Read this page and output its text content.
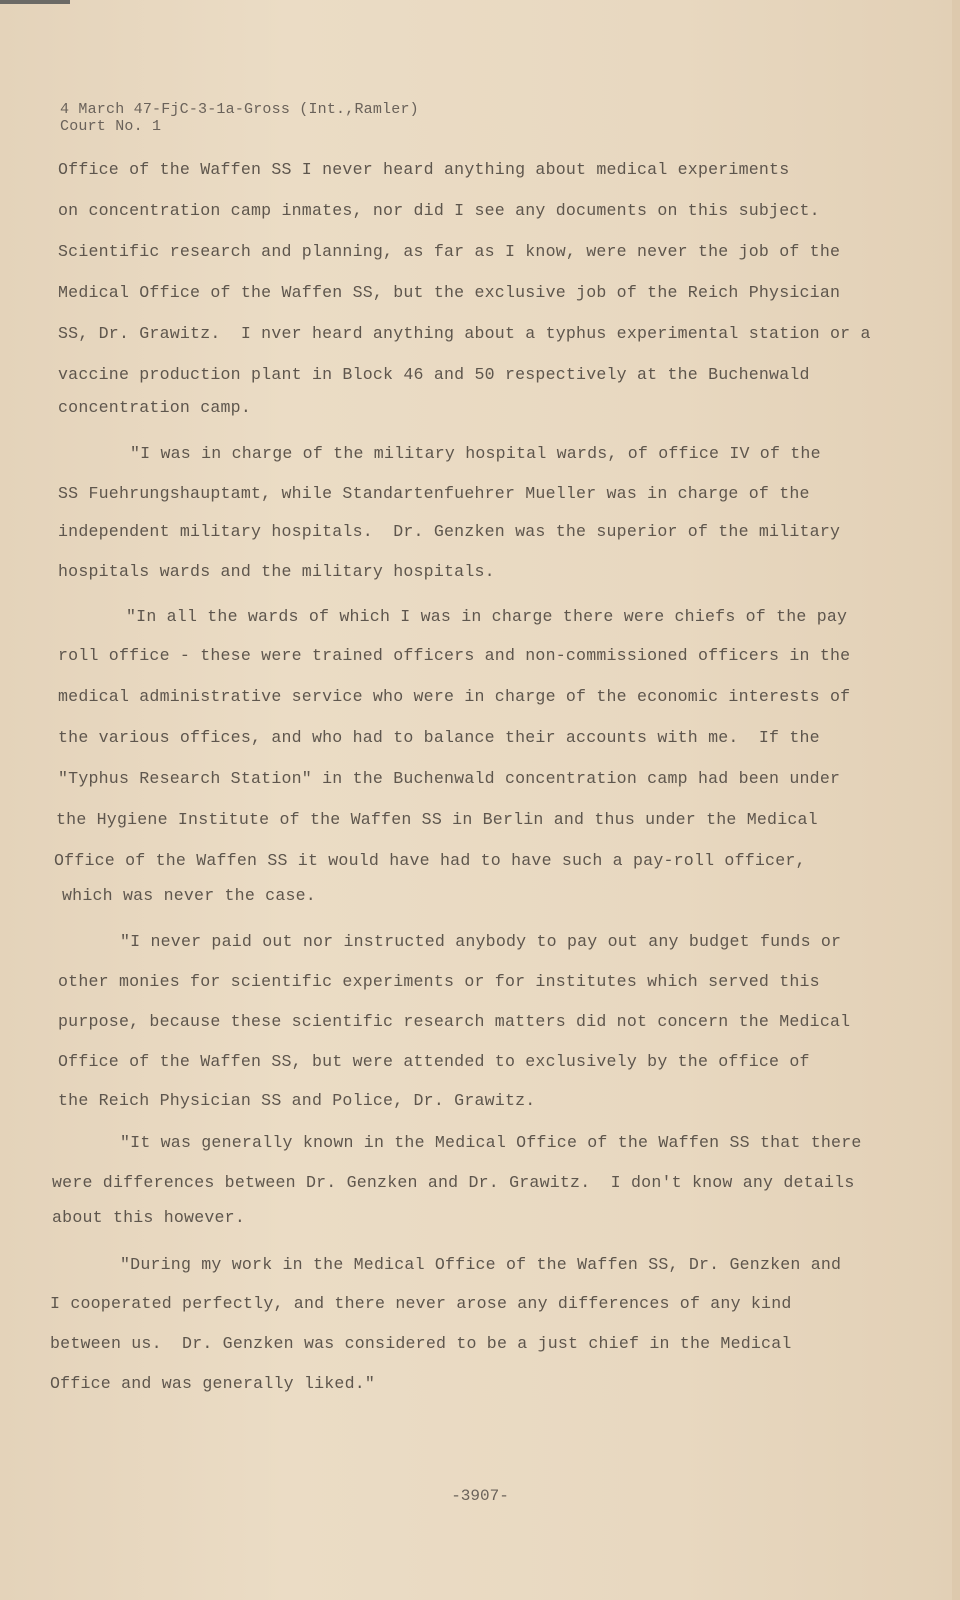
4 March 47-FjC-3-1a-Gross (Int.,Ramler)
Court No. 1
Office of the Waffen SS I never heard anything about medical experiments
on concentration camp inmates, nor did I see any documents on this subject.
Scientific research and planning, as far as I know, were never the job of the
Medical Office of the Waffen SS, but the exclusive job of the Reich Physician
SS, Dr. Grawitz.  I nver heard anything about a typhus experimental station or a
vaccine production plant in Block 46 and 50 respectively at the Buchenwald
concentration camp.
"I was in charge of the military hospital wards, of office IV of the
SS Fuehrungshauptamt, while Standartenfuehrer Mueller was in charge of the
independent military hospitals.  Dr. Genzken was the superior of the military
hospitals wards and the military hospitals.
"In all the wards of which I was in charge there were chiefs of the pay
roll office - these were trained officers and non-commissioned officers in the
medical administrative service who were in charge of the economic interests of
the various offices, and who had to balance their accounts with me.  If the
"Typhus Research Station" in the Buchenwald concentration camp had been under
the Hygiene Institute of the Waffen SS in Berlin and thus under the Medical
Office of the Waffen SS it would have had to have such a pay-roll officer,
which was never the case.
"I never paid out nor instructed anybody to pay out any budget funds or
other monies for scientific experiments or for institutes which served this
purpose, because these scientific research matters did not concern the Medical
Office of the Waffen SS, but were attended to exclusively by the office of
the Reich Physician SS and Police, Dr. Grawitz.
"It was generally known in the Medical Office of the Waffen SS that there
were differences between Dr. Genzken and Dr. Grawitz.  I don't know any details
about this however.
"During my work in the Medical Office of the Waffen SS, Dr. Genzken and
I cooperated perfectly, and there never arose any differences of any kind
between us.  Dr. Genzken was considered to be a just chief in the Medical
Office and was generally liked."
-3907-
